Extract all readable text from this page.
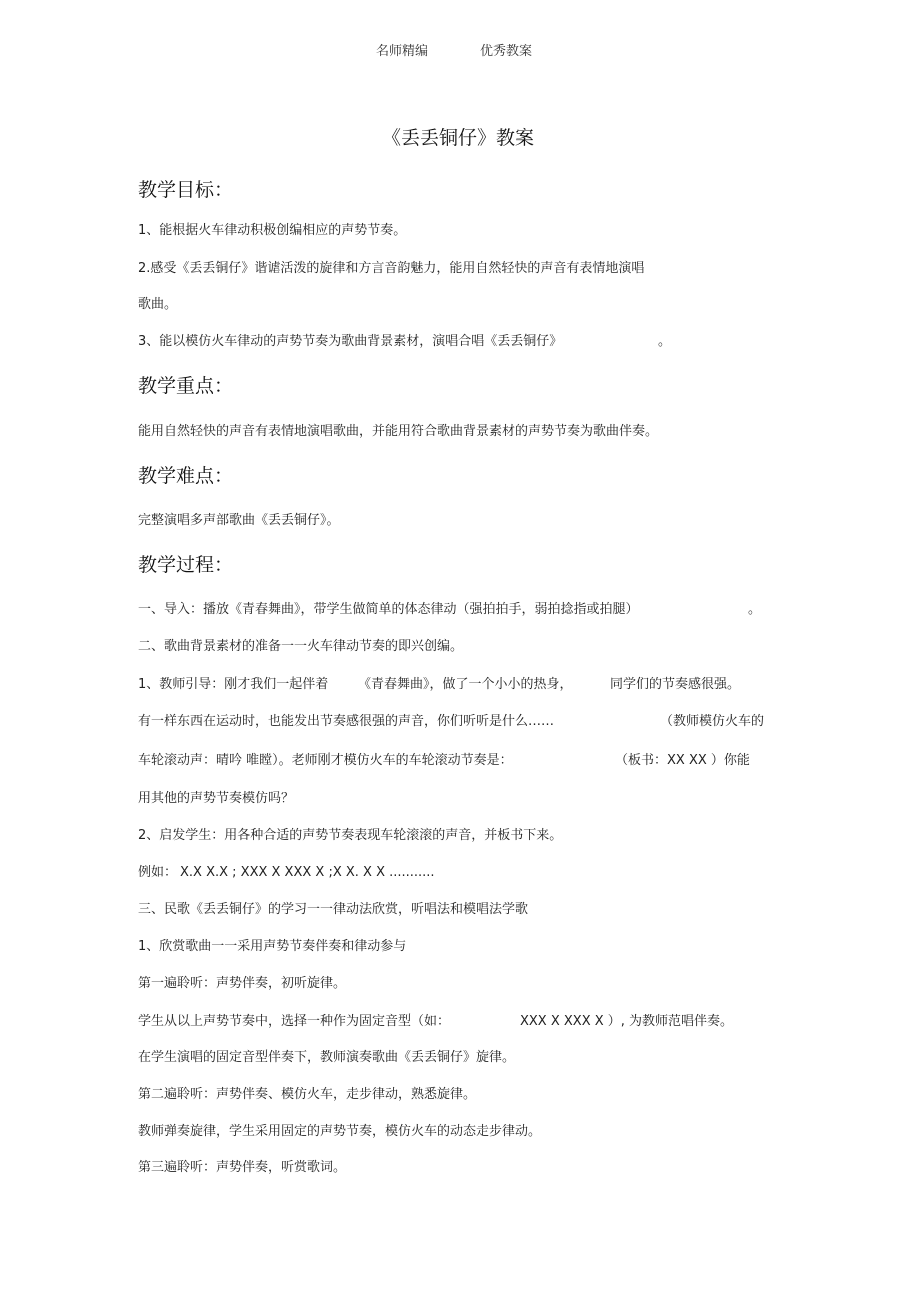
名师精编	优秀教案
《丢丢铜仔》教案
教学目标：
1、能根据火车律动积极创编相应的声势节奏。
2.感受《丢丢铜仔》谐谑活泼的旋律和方言音韵魅力，能用自然轻快的声音有表情地演唱
歌曲。
3、能以模仿火车律动的声势节奏为歌曲背景素材，演唱合唱《丢丢铜仔》	。
教学重点：
能用自然轻快的声音有表情地演唱歌曲，并能用符合歌曲背景素材的声势节奏为歌曲伴奏。
教学难点：
完整演唱多声部歌曲《丢丢铜仔》。
教学过程：
一、导入：播放《青春舞曲》，带学生做简单的体态律动（强拍拍手，弱拍捻指或拍腿）	。
二、歌曲背景素材的准备一一火车律动节奏的即兴创编。
1、教师引导：刚才我们一起伴着 《青春舞曲》，做了一个小小的热身，	同学们的节奏感很强。
有一样东西在运动时，也能发出节奏感很强的声音，你们听听是什么……	（教师模仿火车的
车轮滚动声：晴吟 唯瞠）。老师刚才模仿火车的车轮滚动节奏是：	（板书：XX XX ）你能
用其他的声势节奏模仿吗？
2、启发学生：用各种合适的声势节奏表现车轮滚滚的声音，并板书下来。
例如： X.X X.X ; XXX X XXX X ;X X. X X ...........
三、民歌《丢丢铜仔》的学习一一律动法欣赏，听唱法和模唱法学歌
1、欣赏歌曲一一采用声势节奏伴奏和律动参与
第一遍聆听：声势伴奏，初听旋律。
学生从以上声势节奏中，选择一种作为固定音型（如：	XXX X XXX X ）, 为教师范唱伴奏。
在学生演唱的固定音型伴奏下，教师演奏歌曲《丢丢铜仔》旋律。
第二遍聆听：声势伴奏、模仿火车，走步律动，熟悉旋律。
教师弹奏旋律，学生采用固定的声势节奏，模仿火车的动态走步律动。
第三遍聆听：声势伴奏，听赏歌词。
